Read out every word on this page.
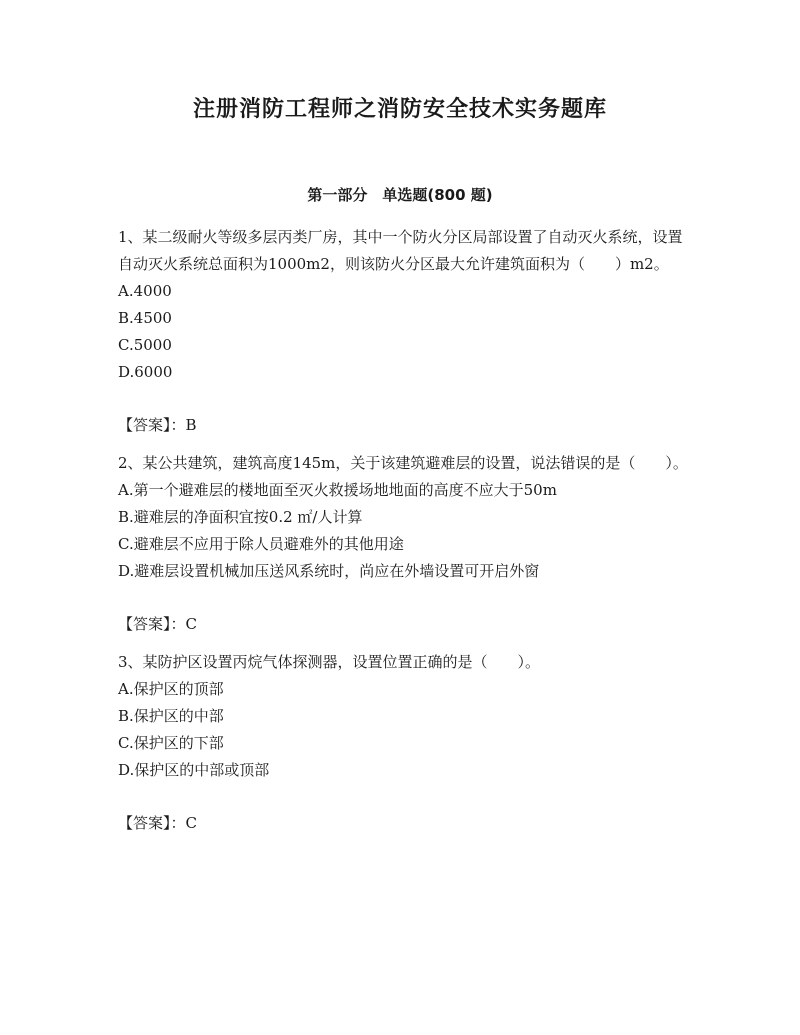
注册消防工程师之消防安全技术实务题库
第一部分　单选题(800 题)

1、某二级耐火等级多层丙类厂房，其中一个防火分区局部设置了自动灭火系统，设置自动灭火系统总面积为1000m2，则该防火分区最大允许建筑面积为（　　）m2。

A.4000

B.4500

C.5000

D.6000

【答案】：B

2、某公共建筑，建筑高度145m，关于该建筑避难层的设置，说法错误的是（　　）。

A.第一个避难层的楼地面至灭火救援场地地面的高度不应大于50m

B.避难层的净面积宜按0.2 ㎡/人计算

C.避难层不应用于除人员避难外的其他用途

D.避难层设置机械加压送风系统时，尚应在外墙设置可开启外窗

【答案】：C

3、某防护区设置丙烷气体探测器，设置位置正确的是（　　）。

A.保护区的顶部

B.保护区的中部

C.保护区的下部

D.保护区的中部或顶部

【答案】：C
